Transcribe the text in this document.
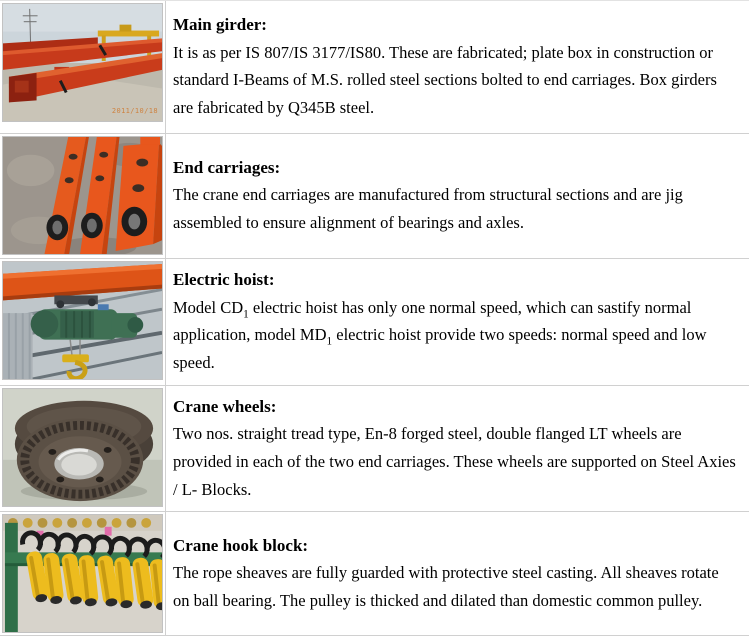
2011/10/18
Main girder:

It is as per IS 807/IS 3177/IS80. These are fabricated; plate box in construction or standard I-Beams of M.S. rolled steel sections bolted to end carriages. Box girders are fabricated by Q345B steel.

End carriages:

The crane end carriages are manufactured from structural sections and are jig assembled to ensure alignment of bearings and axles.

Electric hoist:

Model $CD_1$ electric hoist has only one normal speed, which can sastify normal application, model $MD_1$ electric hoist provide two speeds: normal speed and low speed.

Crane wheels:

Two nos. straight tread type, En-8 forged steel, double flanged LT wheels are provided in each of the two end carriages. These wheels are supported on Steel Axies / L- Blocks.

Crane hook block:

The rope sheaves are fully guarded with protective steel casting. All sheaves rotate on ball bearing. The pulley is thicked and dilated than domestic common pulley.
